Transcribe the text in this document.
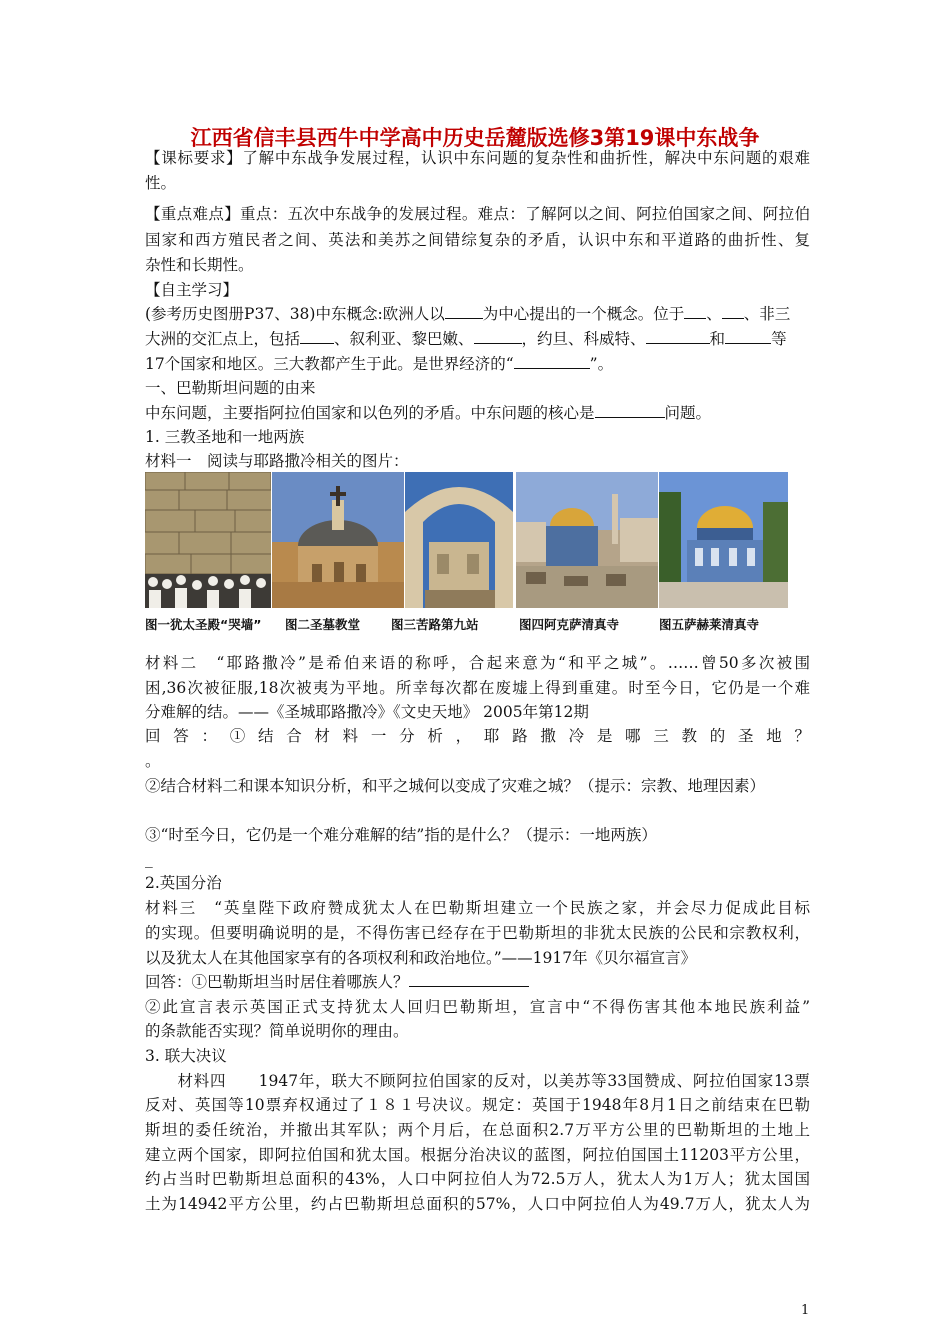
江西省信丰县西牛中学高中历史岳麓版选修3第19课中东战争
【课标要求】了解中东战争发展过程，认识中东问题的复杂性和曲折性，解决中东问题的艰难
性。
【重点难点】重点：五次中东战争的发展过程。难点：了解阿以之间、阿拉伯国家之间、阿拉伯
国家和西方殖民者之间、英法和美苏之间错综复杂的矛盾，认识中东和平道路的曲折性、复
杂性和长期性。
【自主学习】
(参考历史图册P37、38)中东概念:欧洲人以 为中心提出的一个概念。位于 、 、非三
大洲的交汇点上，包括 、叙利亚、黎巴嫩、	，约旦、科威特、	和	等
17个国家和地区。三大教都产生于此。是世界经济的“	”。
一、巴勒斯坦问题的由来
中东问题，主要指阿拉伯国家和以色列的矛盾。中东问题的核心是	问题。
1. 三教圣地和一地两族
材料一　阅读与耶路撒冷相关的图片：
图一犹太圣殿“哭墙” 图二圣墓教堂 图三苦路第九站	图四阿克萨清真寺	图五萨赫莱清真寺
材料二　“耶路撒冷”是希伯来语的称呼，合起来意为“和平之城”。……曾50多次被围
困,36次被征服,18次被夷为平地。所幸每次都在废墟上得到重建。时至今日，它仍是一个难
分难解的结。——《圣城耶路撒冷》《文史天地》 2005年第12期
回答：①结合材料一分析，耶路撒冷是哪三教的圣地？
。
②结合材料二和课本知识分析，和平之城何以变成了灾难之城？（提示：宗教、地理因素）
③“时至今日，它仍是一个难分难解的结”指的是什么？（提示：一地两族）
_
2.英国分治
材料三　“英皇陛下政府赞成犹太人在巴勒斯坦建立一个民族之家，并会尽力促成此目标
的实现。但要明确说明的是，不得伤害已经存在于巴勒斯坦的非犹太民族的公民和宗教权利，
以及犹太人在其他国家享有的各项权利和政治地位。”——1917年《贝尔福宣言》
回答：①巴勒斯坦当时居住着哪族人？
②此宣言表示英国正式支持犹太人回归巴勒斯坦，宣言中“不得伤害其他本地民族利益”
的条款能否实现？简单说明你的理由。
3. 联大决议
　　材料四　　1947年，联大不顾阿拉伯国家的反对，以美苏等33国赞成、阿拉伯国家13票
反对、英国等10票弃权通过了１８１号决议。规定：英国于1948年8月1日之前结束在巴勒
斯坦的委任统治，并撤出其军队；两个月后，在总面积2.7万平方公里的巴勒斯坦的土地上
建立两个国家，即阿拉伯国和犹太国。根据分治决议的蓝图，阿拉伯国国土11203平方公里，
约占当时巴勒斯坦总面积的43%，人口中阿拉伯人为72.5万人，犹太人为1万人；犹太国国
土为14942平方公里，约占巴勒斯坦总面积的57%，人口中阿拉伯人为49.7万人，犹太人为
1
